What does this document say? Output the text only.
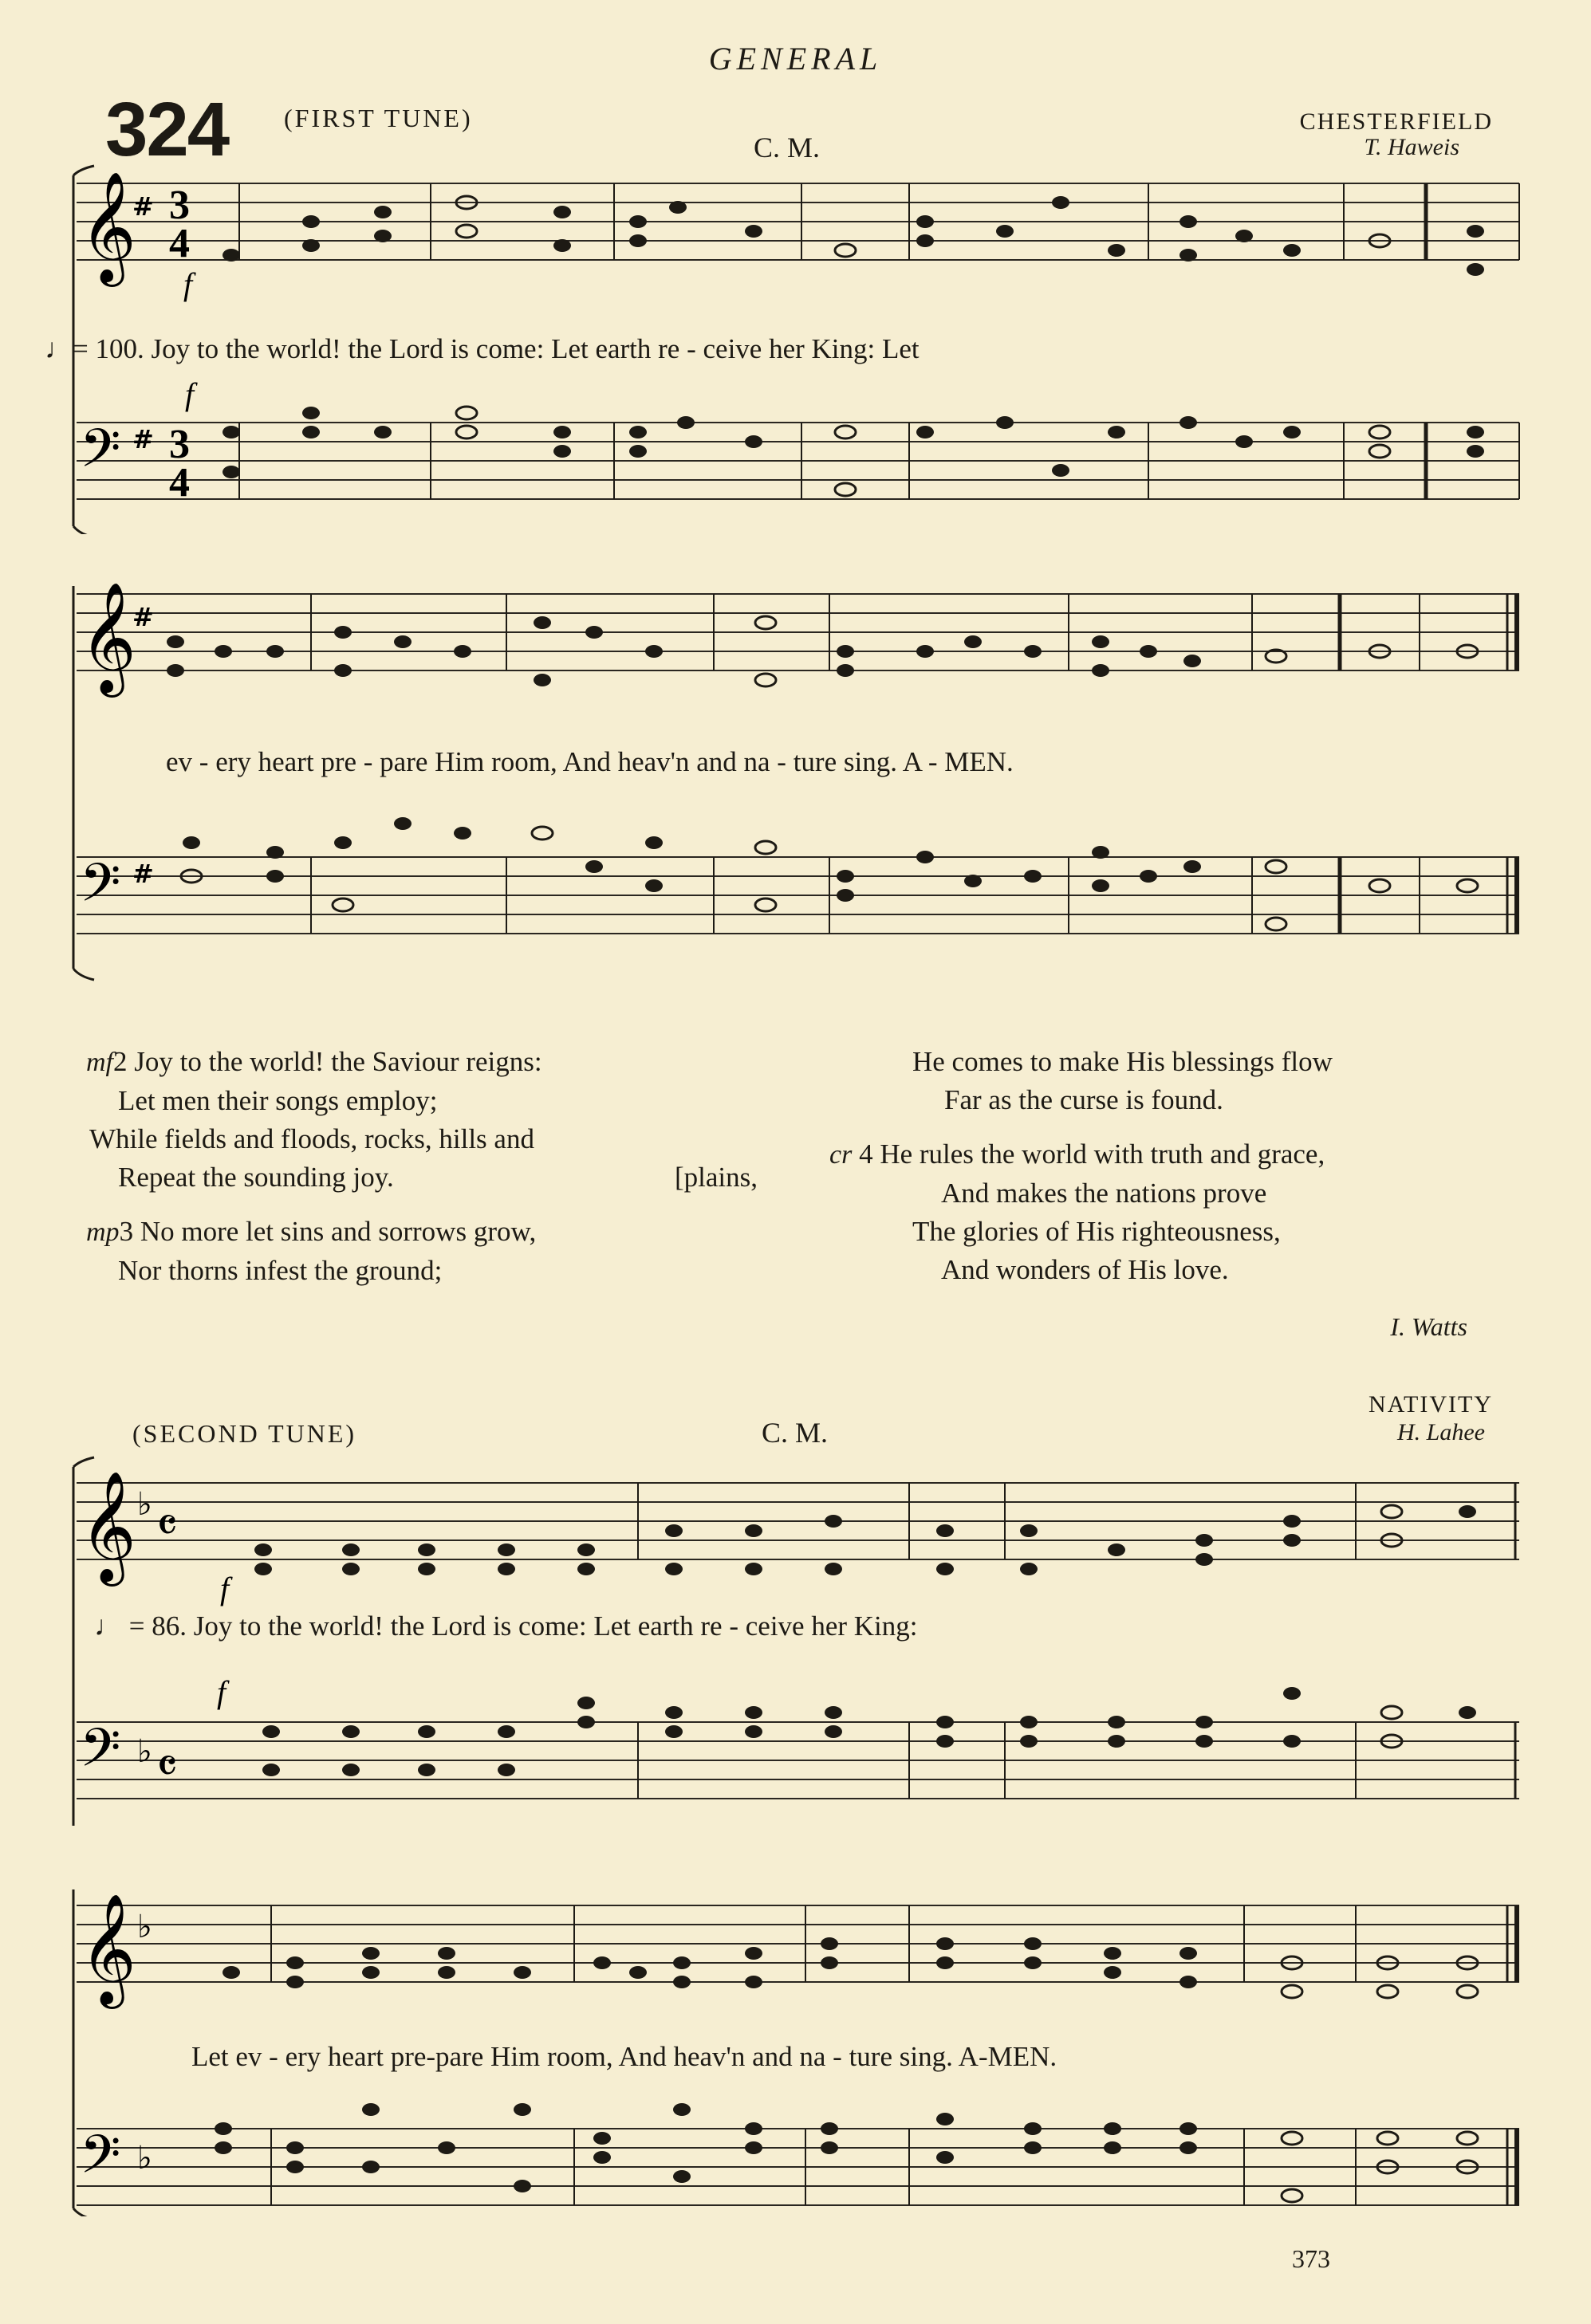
GENERAL
324 (FIRST TUNE)
C. M.
CHESTERFIELD
T. Haweis
𝄞
# 3
4
f
𝄢 # 3
4
f
♩= 100. Joy to the world! the Lord is come: Let earth re - ceive her King: Let
𝄞
#
𝄢 #
ev - ery heart pre - pare Him room, And heav'n and na - ture sing. A - MEN.
mf2 Joy to the world! the Saviour reigns:
Let men their songs employ;
While fields and floods, rocks, hills and
Repeat the sounding joy.	[plains,
mp3 No more let sins and sorrows grow,
Nor thorns infest the ground;
He comes to make His blessings flow
Far as the curse is found.
cr 4 He rules the world with truth and grace,
And makes the nations prove
The glories of His righteousness,
And wonders of His love.
I. Watts
NATIVITY
(SECOND TUNE)	C. M.	H. Lahee
𝄞 ♭ 𝄴
f
𝄢 ♭ 𝄴
f
♩ = 86. Joy to the world! the Lord is come: Let earth re - ceive her King:
𝄞 ♭
𝄢 ♭
Let ev - ery heart pre-pare Him room, And heav'n and na - ture sing. A-MEN.
373
